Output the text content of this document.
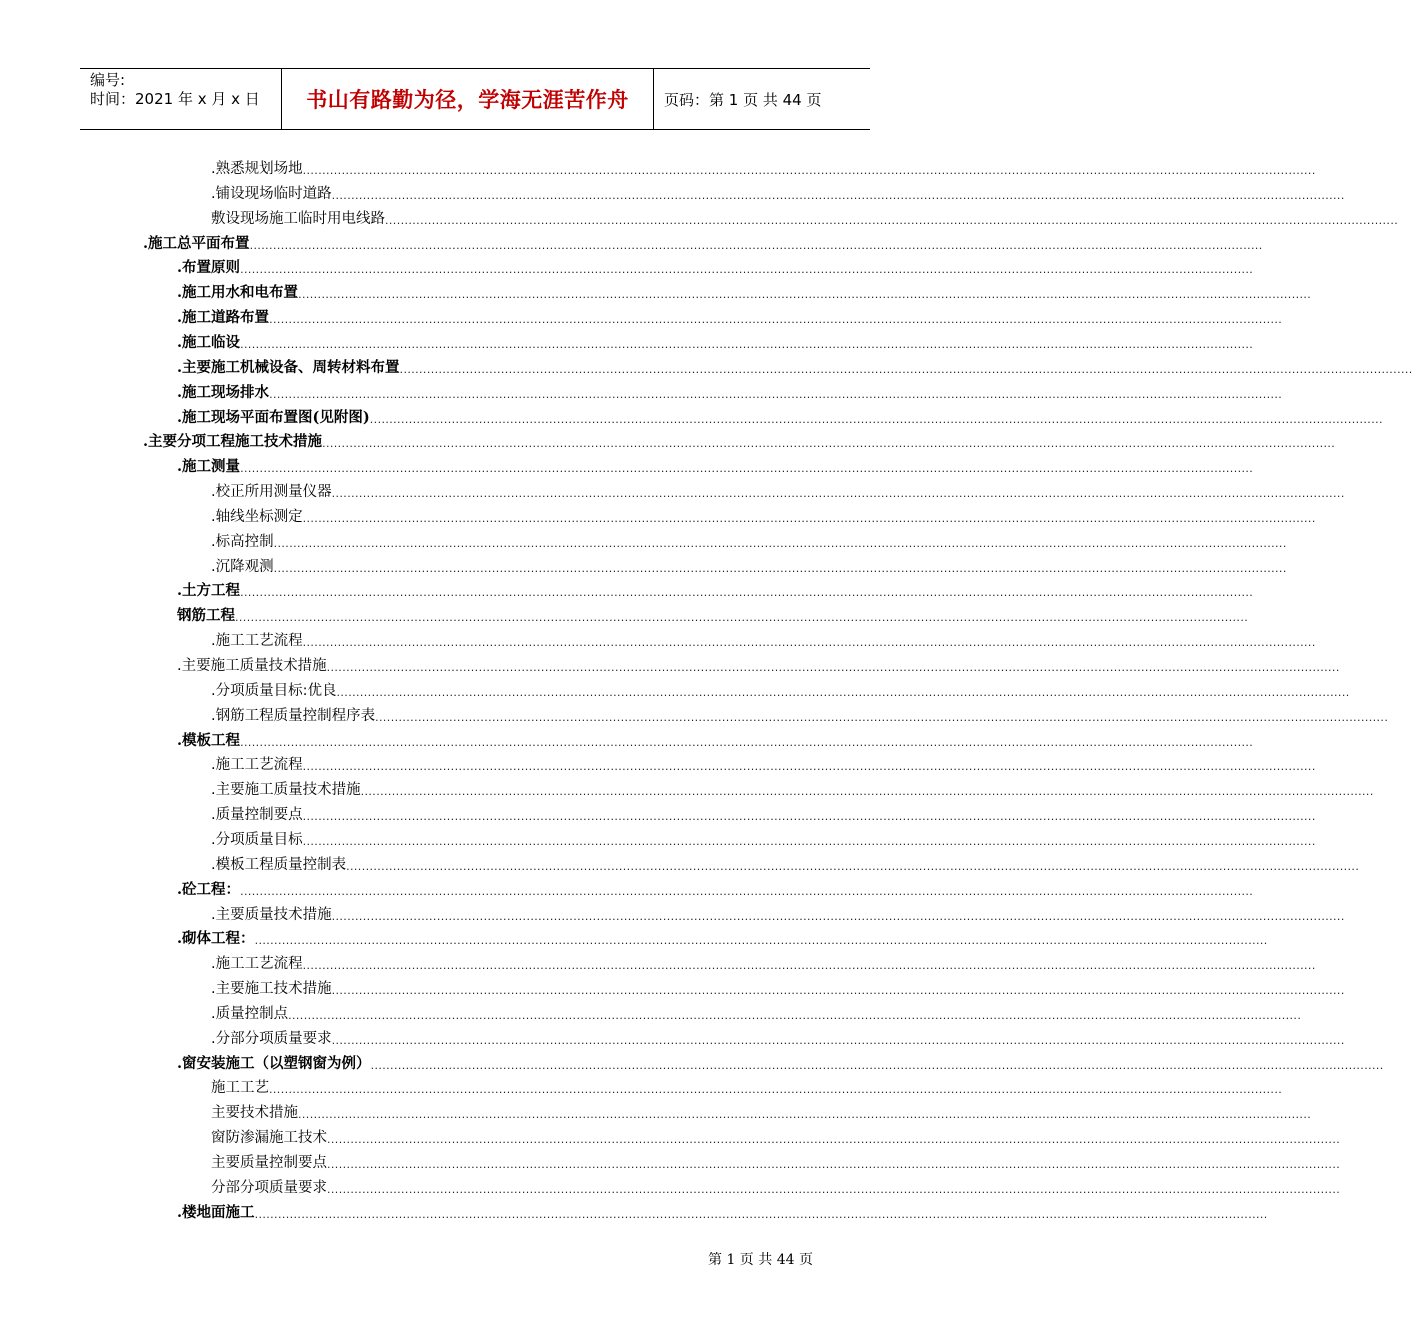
编号:
时间：2021 年 x 月 x 日	书山有路勤为径，学海无涯苦作舟	页码：第 1 页 共 44 页
.熟悉规划场地 ....................................................................................................................................................................................................................................................................
.铺设现场临时道路 ....................................................................................................................................................................................................................................................................
敷设现场施工临时用电线路 ....................................................................................................................................................................................................................................................................
.施工总平面布置 ....................................................................................................................................................................................................................................................................
.布置原则 ....................................................................................................................................................................................................................................................................
.施工用水和电布置 ....................................................................................................................................................................................................................................................................
.施工道路布置 ....................................................................................................................................................................................................................................................................
.施工临设 ....................................................................................................................................................................................................................................................................
.主要施工机械设备、周转材料布置 ....................................................................................................................................................................................................................................................................
.施工现场排水 ....................................................................................................................................................................................................................................................................
.施工现场平面布置图(见附图) ....................................................................................................................................................................................................................................................................
.主要分项工程施工技术措施 ....................................................................................................................................................................................................................................................................
.施工测量 ....................................................................................................................................................................................................................................................................
.校正所用测量仪器 ....................................................................................................................................................................................................................................................................
.轴线坐标测定 ....................................................................................................................................................................................................................................................................
.标高控制 ....................................................................................................................................................................................................................................................................
.沉降观测 ....................................................................................................................................................................................................................................................................
.土方工程 ....................................................................................................................................................................................................................................................................
钢筋工程 ....................................................................................................................................................................................................................................................................
.施工工艺流程 ....................................................................................................................................................................................................................................................................
.主要施工质量技术措施 ....................................................................................................................................................................................................................................................................
.分项质量目标:优良 ....................................................................................................................................................................................................................................................................
.钢筋工程质量控制程序表 ....................................................................................................................................................................................................................................................................
.模板工程 ....................................................................................................................................................................................................................................................................
.施工工艺流程 ....................................................................................................................................................................................................................................................................
.主要施工质量技术措施 ....................................................................................................................................................................................................................................................................
.质量控制要点 ....................................................................................................................................................................................................................................................................
.分项质量目标 ....................................................................................................................................................................................................................................................................
.模板工程质量控制表 ....................................................................................................................................................................................................................................................................
.砼工程： ....................................................................................................................................................................................................................................................................
.主要质量技术措施 ....................................................................................................................................................................................................................................................................
.砌体工程： ....................................................................................................................................................................................................................................................................
.施工工艺流程 ....................................................................................................................................................................................................................................................................
.主要施工技术措施 ....................................................................................................................................................................................................................................................................
.质量控制点 ....................................................................................................................................................................................................................................................................
.分部分项质量要求 ....................................................................................................................................................................................................................................................................
.窗安装施工（以塑钢窗为例） ....................................................................................................................................................................................................................................................................
施工工艺 ....................................................................................................................................................................................................................................................................
主要技术措施 ....................................................................................................................................................................................................................................................................
窗防渗漏施工技术 ....................................................................................................................................................................................................................................................................
主要质量控制要点 ....................................................................................................................................................................................................................................................................
分部分项质量要求 ....................................................................................................................................................................................................................................................................
.楼地面施工 ....................................................................................................................................................................................................................................................................
第 1 页 共 44 页
